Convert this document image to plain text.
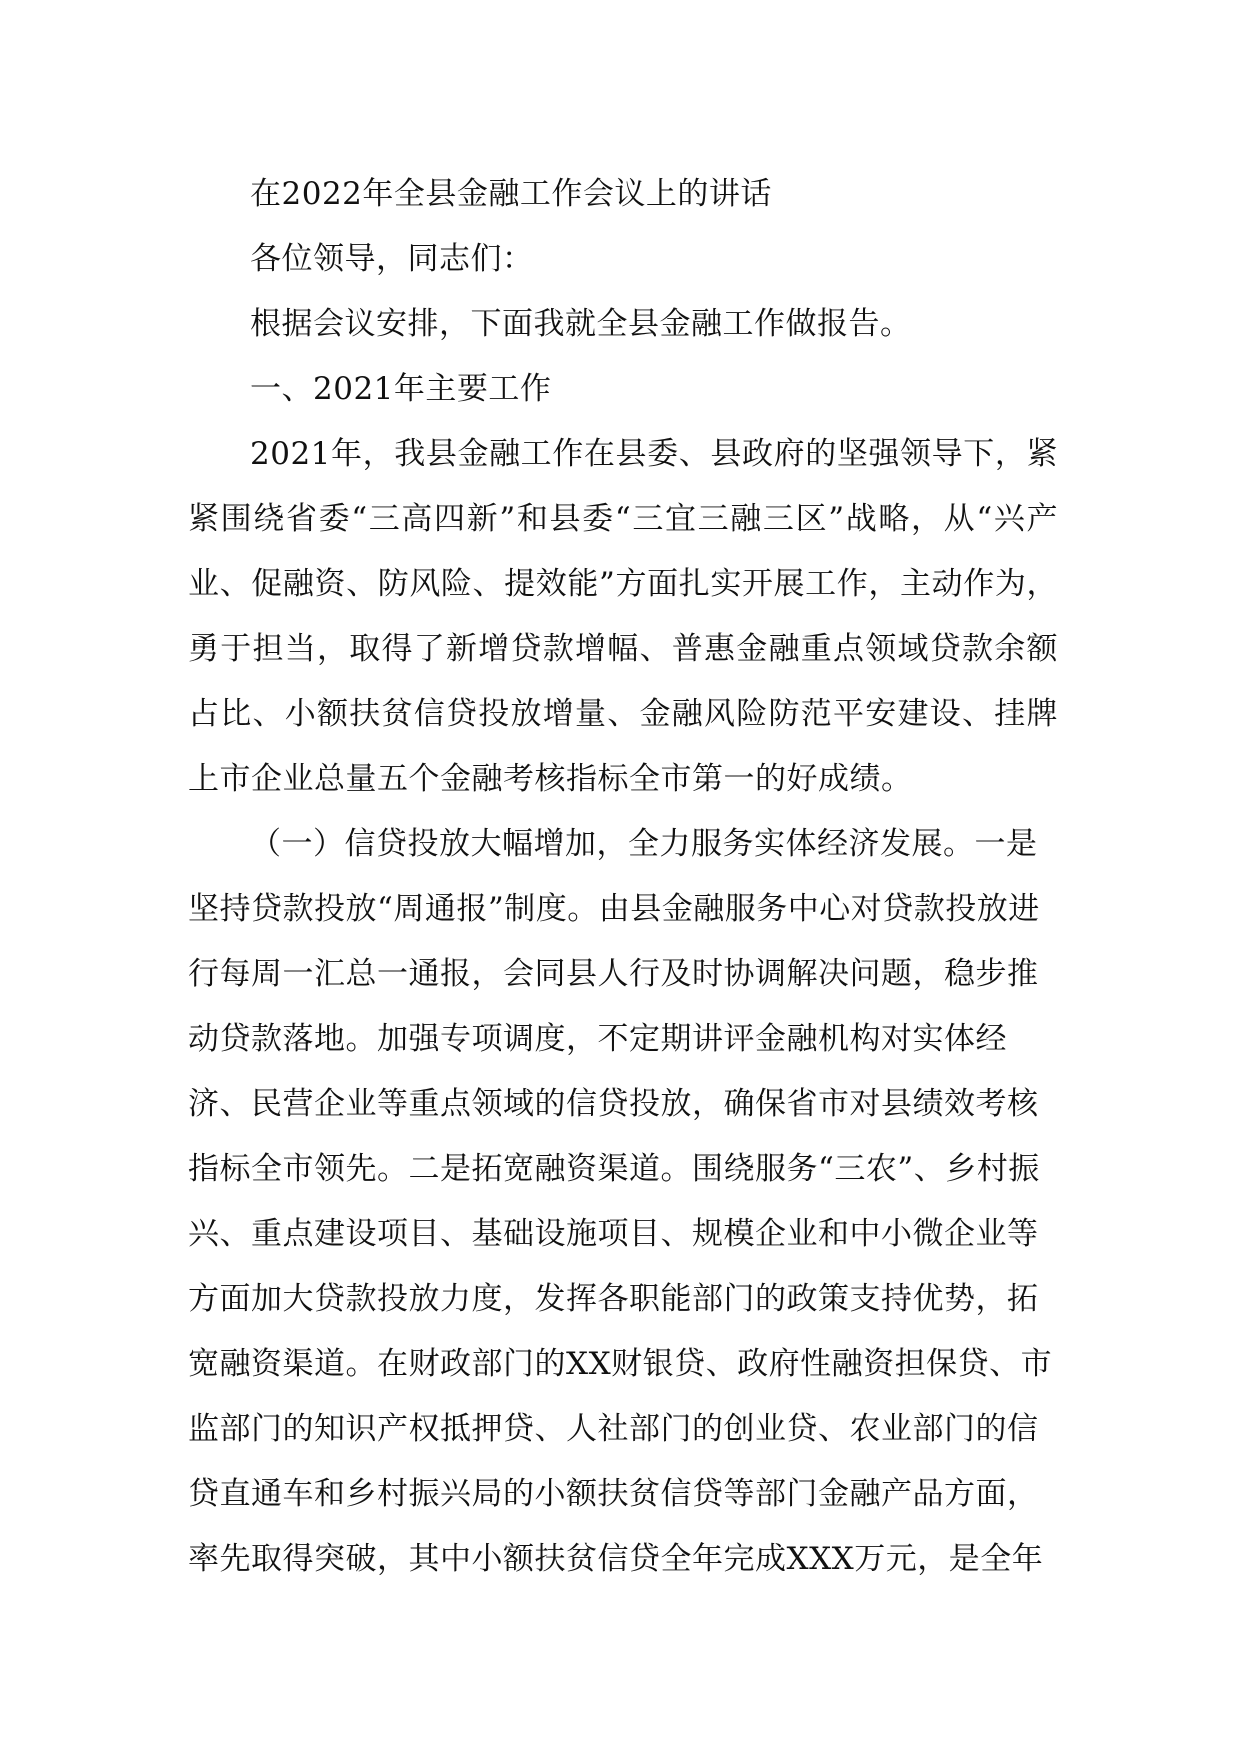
在2022年全县金融工作会议上的讲话

各位领导，同志们：

根据会议安排，下面我就全县金融工作做报告。

一、2021年主要工作

2021年，我县金融工作在县委、县政府的坚强领导下，紧紧围绕省委“三高四新”和县委“三宜三融三区”战略，从“兴产业、促融资、防风险、提效能”方面扎实开展工作，主动作为，勇于担当，取得了新增贷款增幅、普惠金融重点领域贷款余额占比、小额扶贫信贷投放增量、金融风险防范平安建设、挂牌上市企业总量五个金融考核指标全市第一的好成绩。

（一）信贷投放大幅增加，全力服务实体经济发展。一是坚持贷款投放“周通报”制度。由县金融服务中心对贷款投放进行每周一汇总一通报，会同县人行及时协调解决问题，稳步推动贷款落地。加强专项调度，不定期讲评金融机构对实体经济、民营企业等重点领域的信贷投放，确保省市对县绩效考核指标全市领先。二是拓宽融资渠道。围绕服务“三农”、乡村振兴、重点建设项目、基础设施项目、规模企业和中小微企业等方面加大贷款投放力度，发挥各职能部门的政策支持优势，拓宽融资渠道。在财政部门的XX财银贷、政府性融资担保贷、市监部门的知识产权抵押贷、人社部门的创业贷、农业部门的信贷直通车和乡村振兴局的小额扶贫信贷等部门金融产品方面，率先取得突破，其中小额扶贫信贷全年完成XXX万元，是全年
